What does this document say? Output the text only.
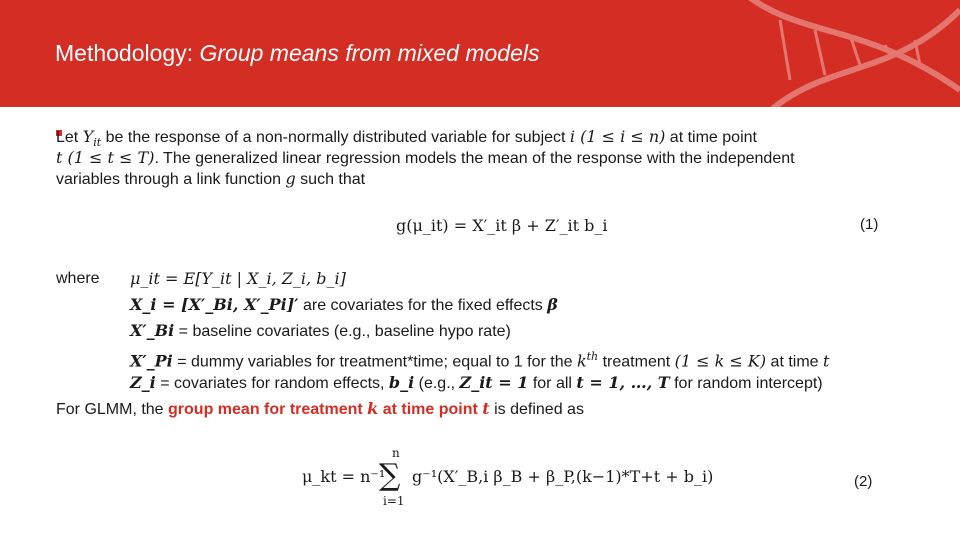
Methodology: Group means from mixed models
Let $Y_{it}$ be the response of a non-normally distributed variable for subject i (1 ≤ i ≤ n) at time point
t (1 ≤ t ≤ T). The generalized linear regression models the mean of the response with the independent
variables through a link function g such that
g(μ_it) = X′_it β + Z′_it b_i	(1)
where μ_it = E[Y_it | X_i, Z_i, b_i]
X_i = [X′_Bi, X′_Pi]′ are covariates for the fixed effects β
X′_Bi = baseline covariates (e.g., baseline hypo rate)
X′_Pi = dummy variables for treatment*time; equal to 1 for the $k^{th}$ treatment (1 ≤ k ≤ K) at time t
Z_i = covariates for random effects, b_i (e.g., Z_it = 1 for all t = 1, …, T for random intercept)
For GLMM, the group mean for treatment k at time point t is defined as
μ_kt = n⁻¹
n
∑
i=1
g⁻¹(X′_B,i β_B + β_P,(k−1)*T+t + b_i)	(2)
